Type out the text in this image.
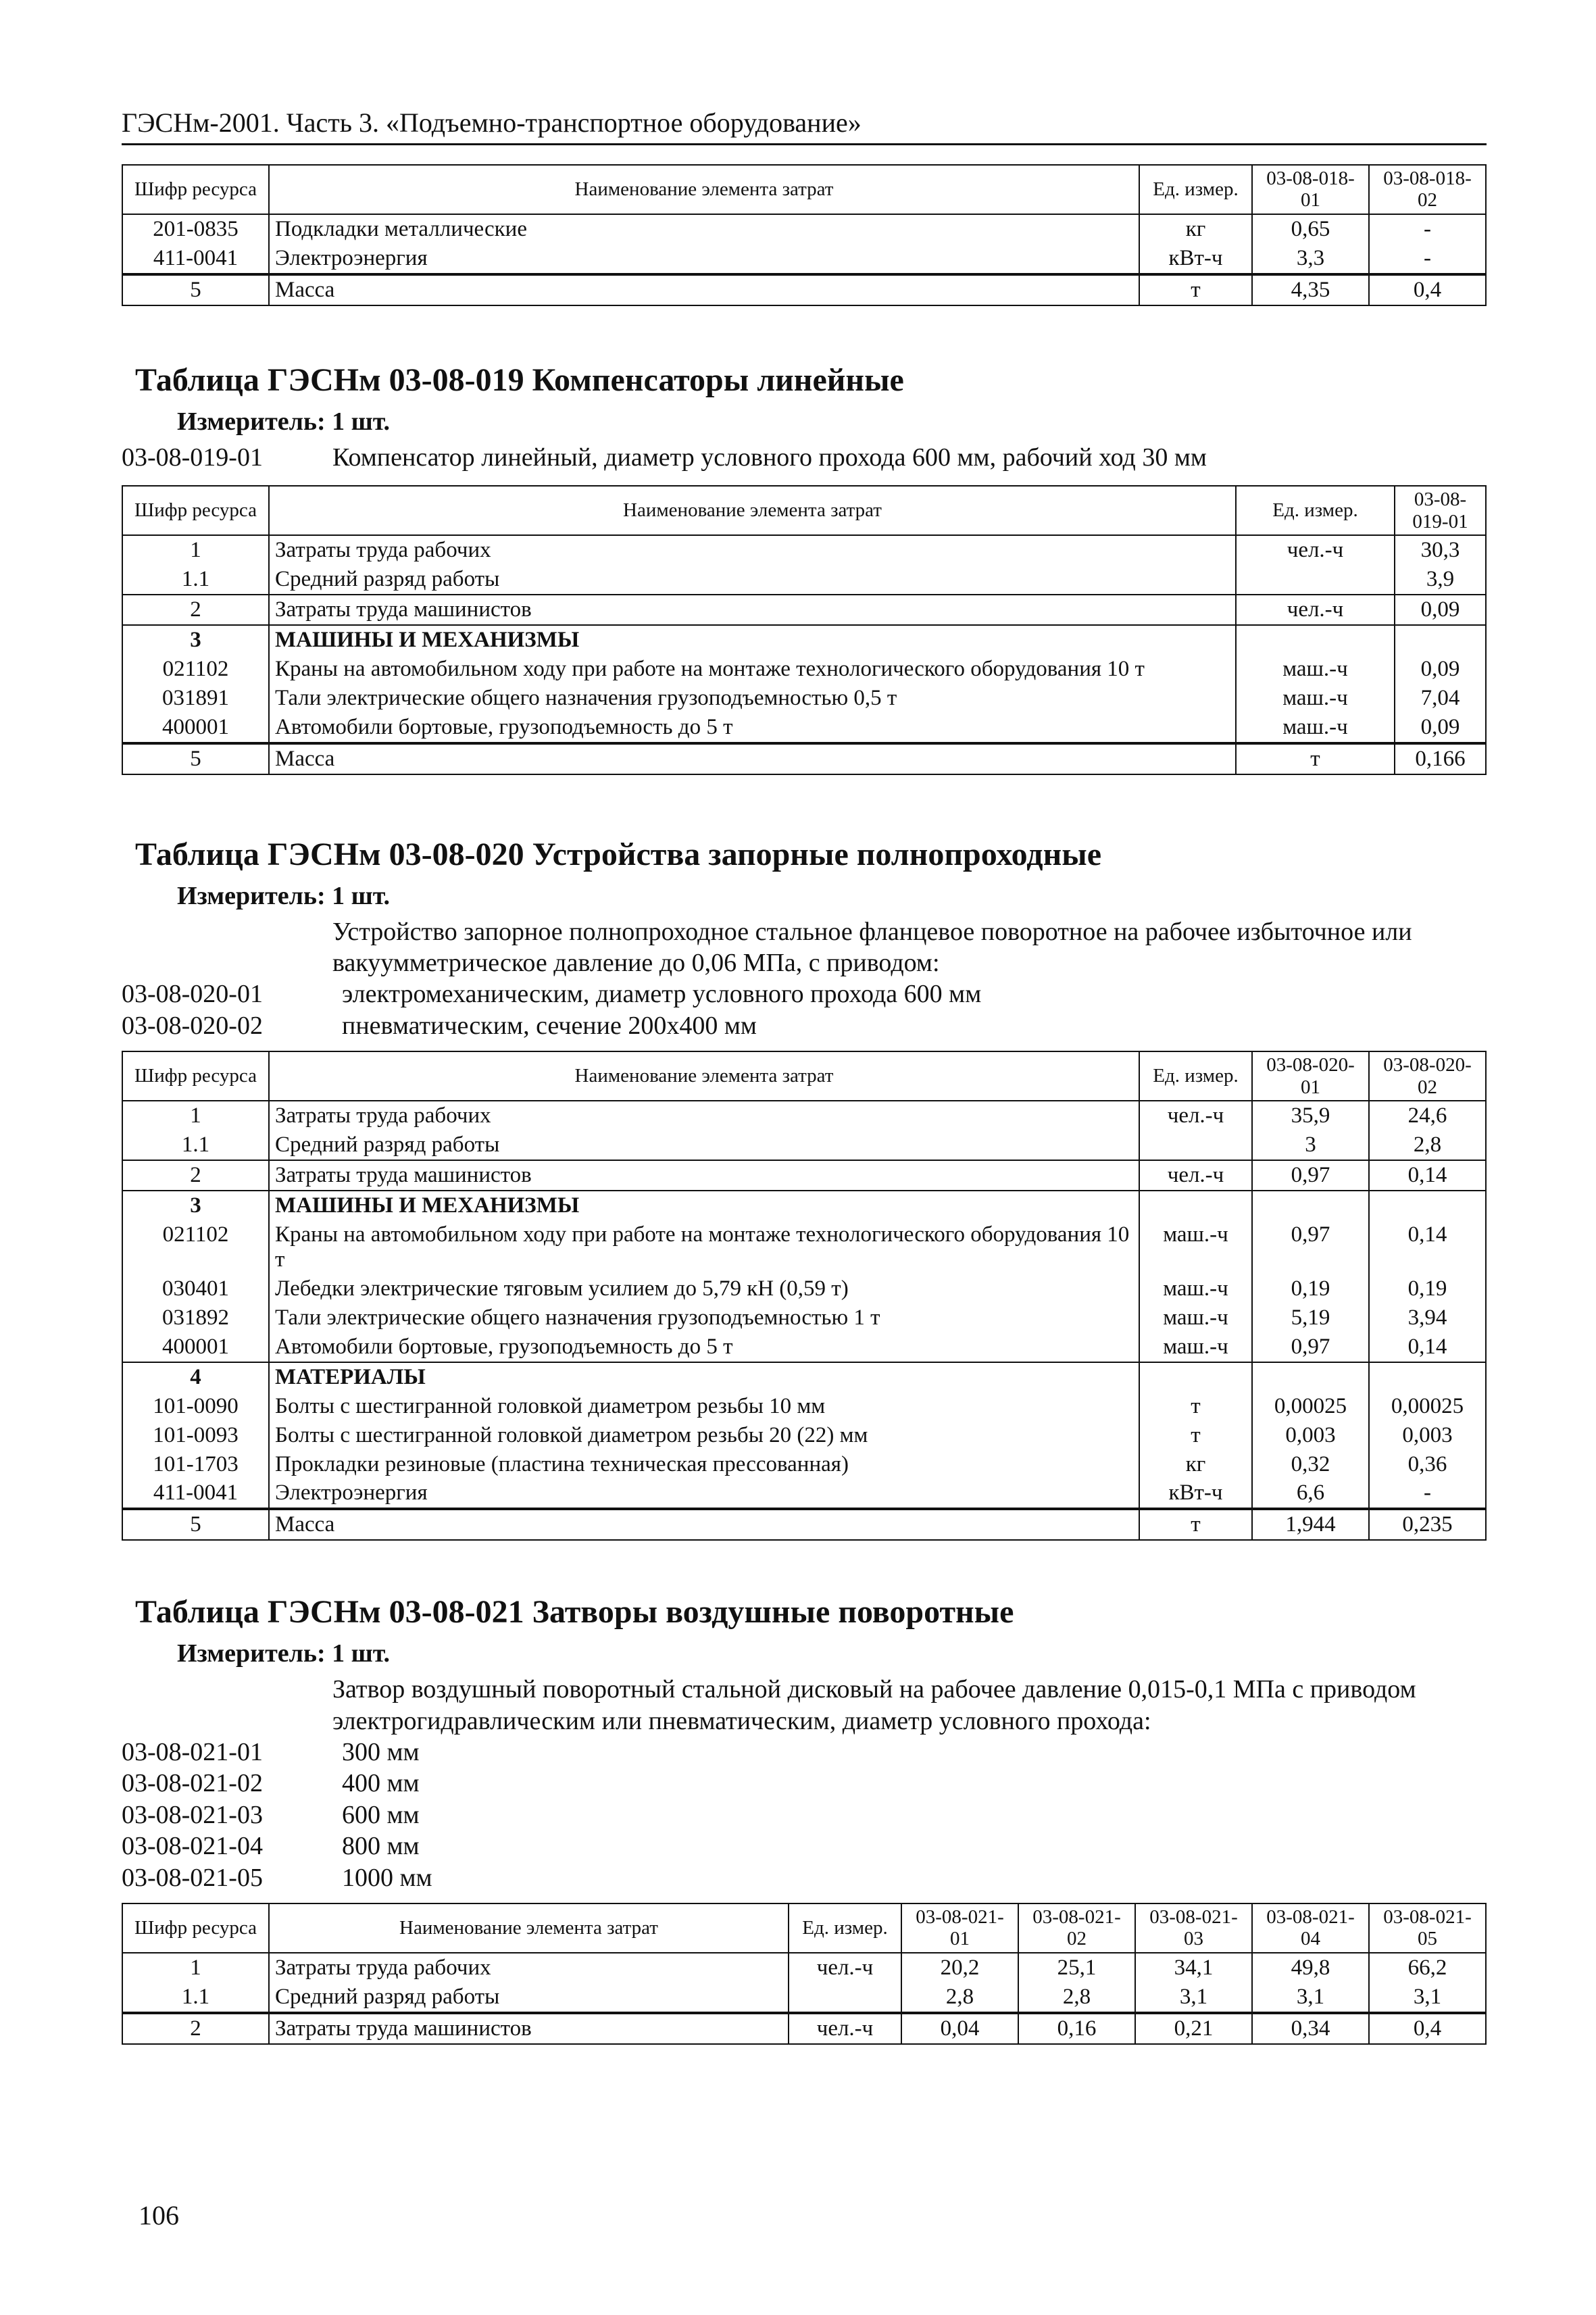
ГЭСНм-2001. Часть 3. «Подъемно-транспортное оборудование»
Шифр ресурса	Наименование элемента затрат	Ед. измер.	03-08-018-01	03-08-018-02
201-0835	Подкладки металлические	кг	0,65	-
411-0041	Электроэнергия	кВт-ч	3,3	-
5	Масса	т	4,35	0,4
Таблица ГЭСНм 03-08-019 Компенсаторы линейные
Измеритель: 1 шт.
03-08-019-01	Компенсатор линейный, диаметр условного прохода 600 мм, рабочий ход 30 мм
Шифр ресурса	Наименование элемента затрат	Ед. измер.	03-08-019-01
1	Затраты труда рабочих	чел.-ч	30,3
1.1	Средний разряд работы		3,9
2	Затраты труда машинистов	чел.-ч	0,09
3	МАШИНЫ И МЕХАНИЗМЫ		
021102	Краны на автомобильном ходу при работе на монтаже технологического оборудования 10 т	маш.-ч	0,09
031891	Тали электрические общего назначения грузоподъемностью 0,5 т	маш.-ч	7,04
400001	Автомобили бортовые, грузоподъемность до 5 т	маш.-ч	0,09
5	Масса	т	0,166
Таблица ГЭСНм 03-08-020 Устройства запорные полнопроходные
Измеритель: 1 шт.
Устройство запорное полнопроходное стальное фланцевое поворотное на рабочее избыточное или вакуумметрическое давление до 0,06 МПа, с приводом:
03-08-020-01	электромеханическим, диаметр условного прохода 600 мм
03-08-020-02	пневматическим, сечение 200х400 мм
Шифр ресурса	Наименование элемента затрат	Ед. измер.	03-08-020-01	03-08-020-02
1	Затраты труда рабочих	чел.-ч	35,9	24,6
1.1	Средний разряд работы		3	2,8
2	Затраты труда машинистов	чел.-ч	0,97	0,14
3	МАШИНЫ И МЕХАНИЗМЫ			
021102	Краны на автомобильном ходу при работе на монтаже технологического оборудования 10 т	маш.-ч	0,97	0,14
030401	Лебедки электрические тяговым усилием до 5,79 кН (0,59 т)	маш.-ч	0,19	0,19
031892	Тали электрические общего назначения грузоподъемностью 1 т	маш.-ч	5,19	3,94
400001	Автомобили бортовые, грузоподъемность до 5 т	маш.-ч	0,97	0,14
4	МАТЕРИАЛЫ			
101-0090	Болты с шестигранной головкой диаметром резьбы 10 мм	т	0,00025	0,00025
101-0093	Болты с шестигранной головкой диаметром резьбы 20 (22) мм	т	0,003	0,003
101-1703	Прокладки резиновые (пластина техническая прессованная)	кг	0,32	0,36
411-0041	Электроэнергия	кВт-ч	6,6	-
5	Масса	т	1,944	0,235
Таблица ГЭСНм 03-08-021 Затворы воздушные поворотные
Измеритель: 1 шт.
Затвор воздушный поворотный стальной дисковый на рабочее давление 0,015-0,1 МПа с приводом электрогидравлическим или пневматическим, диаметр условного прохода:
03-08-021-01	300 мм
03-08-021-02	400 мм
03-08-021-03	600 мм
03-08-021-04	800 мм
03-08-021-05	1000 мм
Шифр ресурса	Наименование элемента затрат	Ед. измер.	03-08-021-01	03-08-021-02	03-08-021-03	03-08-021-04	03-08-021-05
1	Затраты труда рабочих	чел.-ч	20,2	25,1	34,1	49,8	66,2
1.1	Средний разряд работы		2,8	2,8	3,1	3,1	3,1
2	Затраты труда машинистов	чел.-ч	0,04	0,16	0,21	0,34	0,4
106
